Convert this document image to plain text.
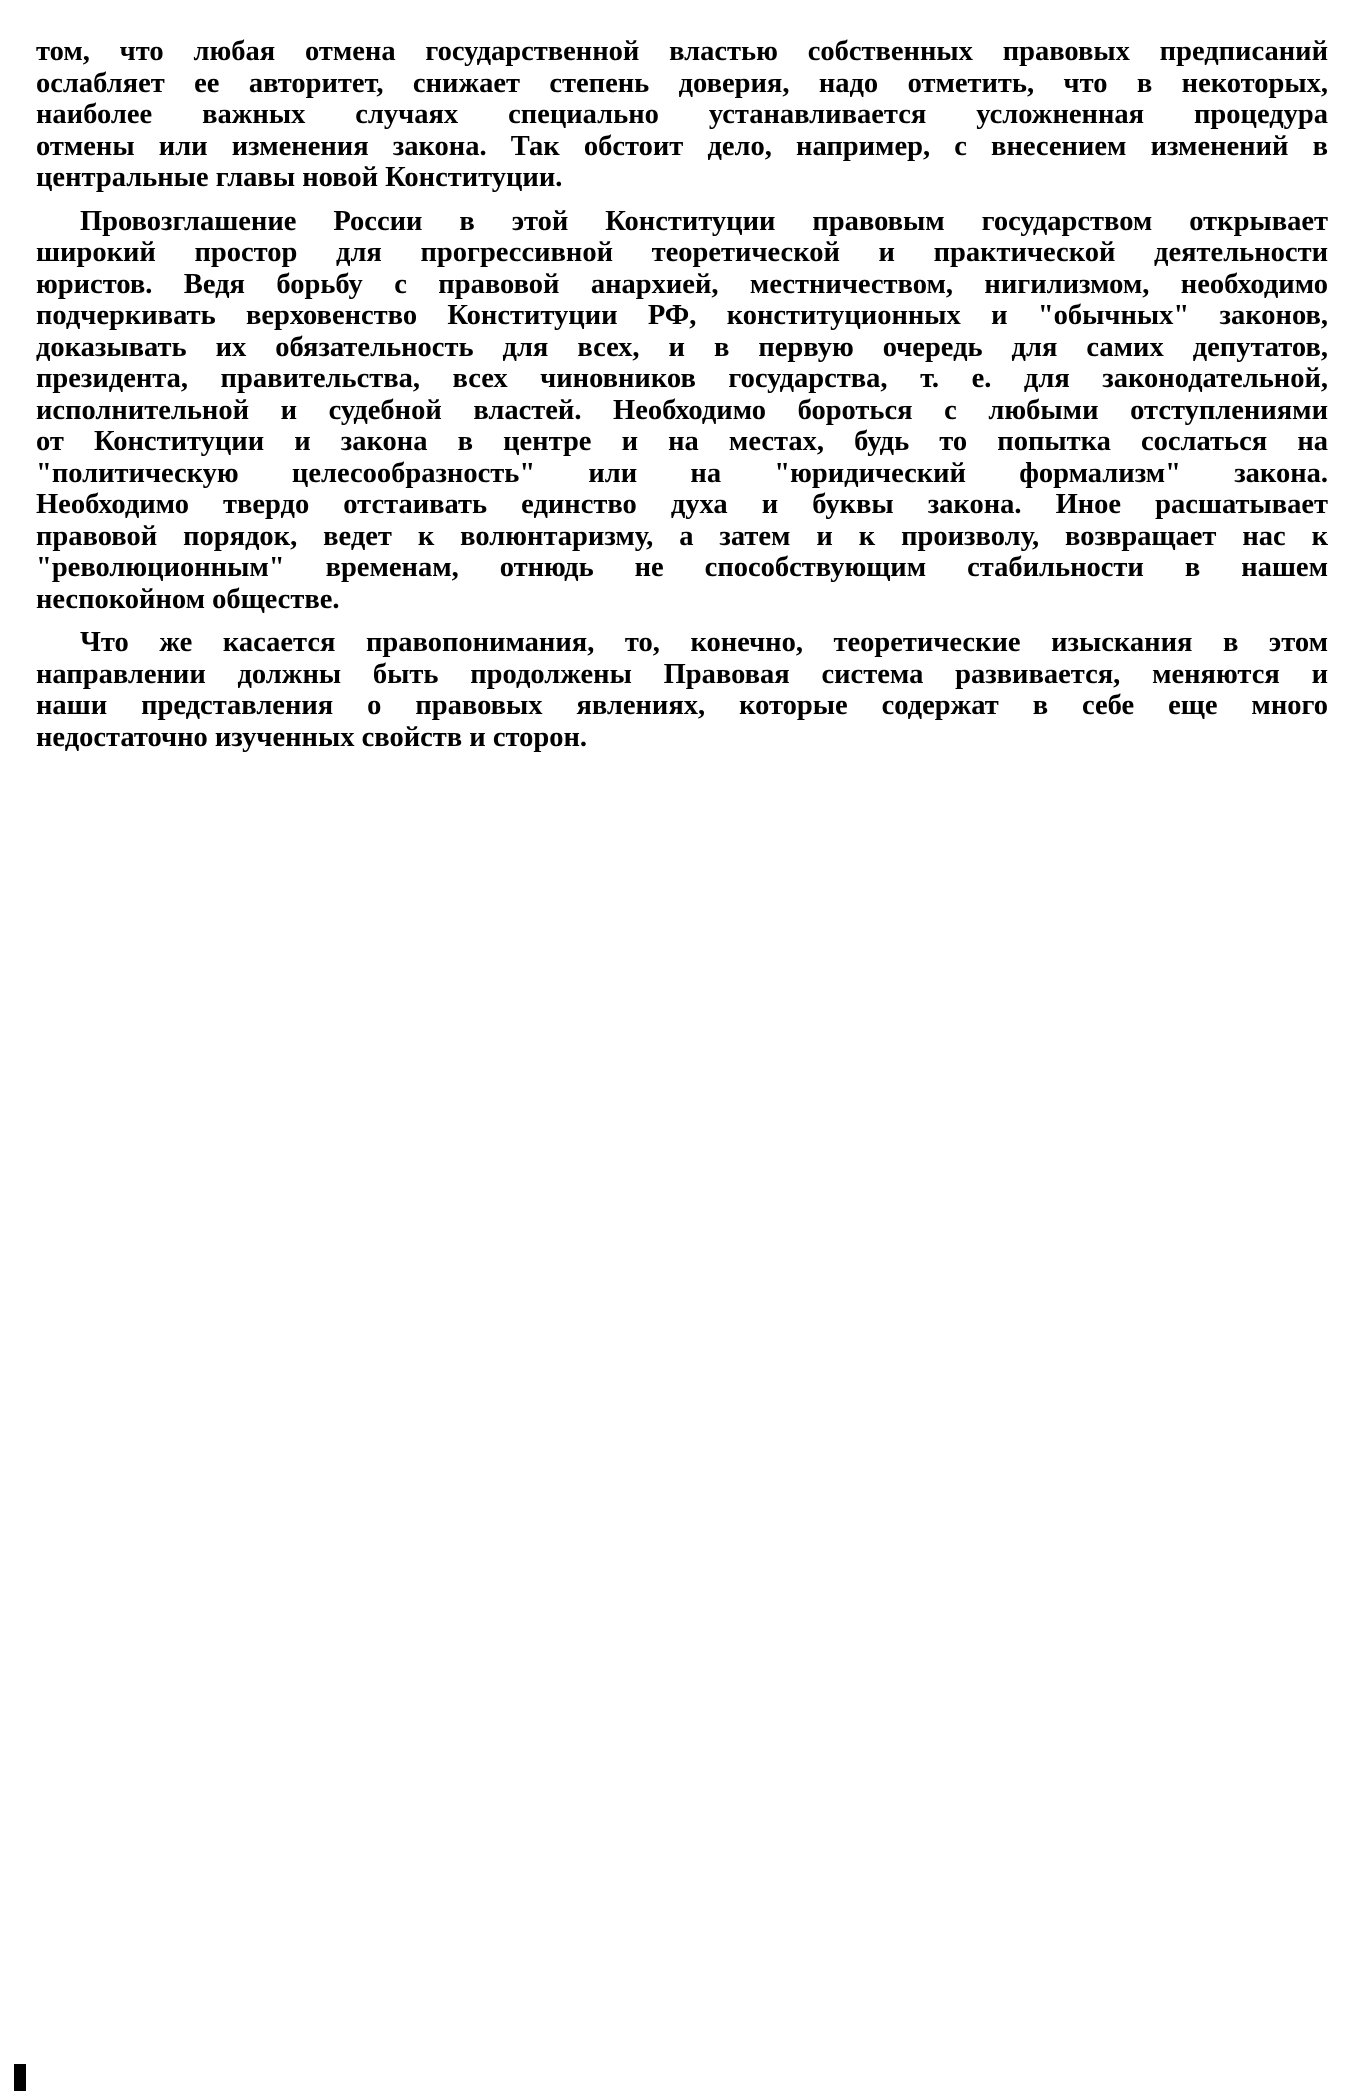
том, что любая отмена государственной властью собственных правовых предписаний
ослабляет ее авторитет, снижает степень доверия, надо отметить, что в некоторых,
наиболее важных случаях специально устанавливается усложненная процедура
отмены или изменения закона. Так обстоит дело, например, с внесением изменений в
центральные главы новой Конституции.
Провозглашение России в этой Конституции правовым государством открывает
широкий простор для прогрессивной теоретической и практической деятельности
юристов. Ведя борьбу с правовой анархией, местничеством, нигилизмом, необходимо
подчеркивать верховенство Конституции РФ, конституционных и "обычных" законов,
доказывать их обязательность для всех, и в первую очередь для самих депутатов,
президента, правительства, всех чиновников государства, т. е. для законодательной,
исполнительной и судебной властей. Необходимо бороться с любыми отступлениями
от Конституции и закона в центре и на местах, будь то попытка сослаться на
"политическую целесообразность" или на "юридический формализм" закона.
Необходимо твердо отстаивать единство духа и буквы закона. Иное расшатывает
правовой порядок, ведет к волюнтаризму, а затем и к произволу, возвращает нас к
"революционным" временам, отнюдь не способствующим стабильности в нашем
неспокойном обществе.
Что же касается правопонимания, то, конечно, теоретические изыскания в этом
направлении должны быть продолжены Правовая система развивается, меняются и
наши представления о правовых явлениях, которые содержат в себе еще много
недостаточно изученных свойств и сторон.
